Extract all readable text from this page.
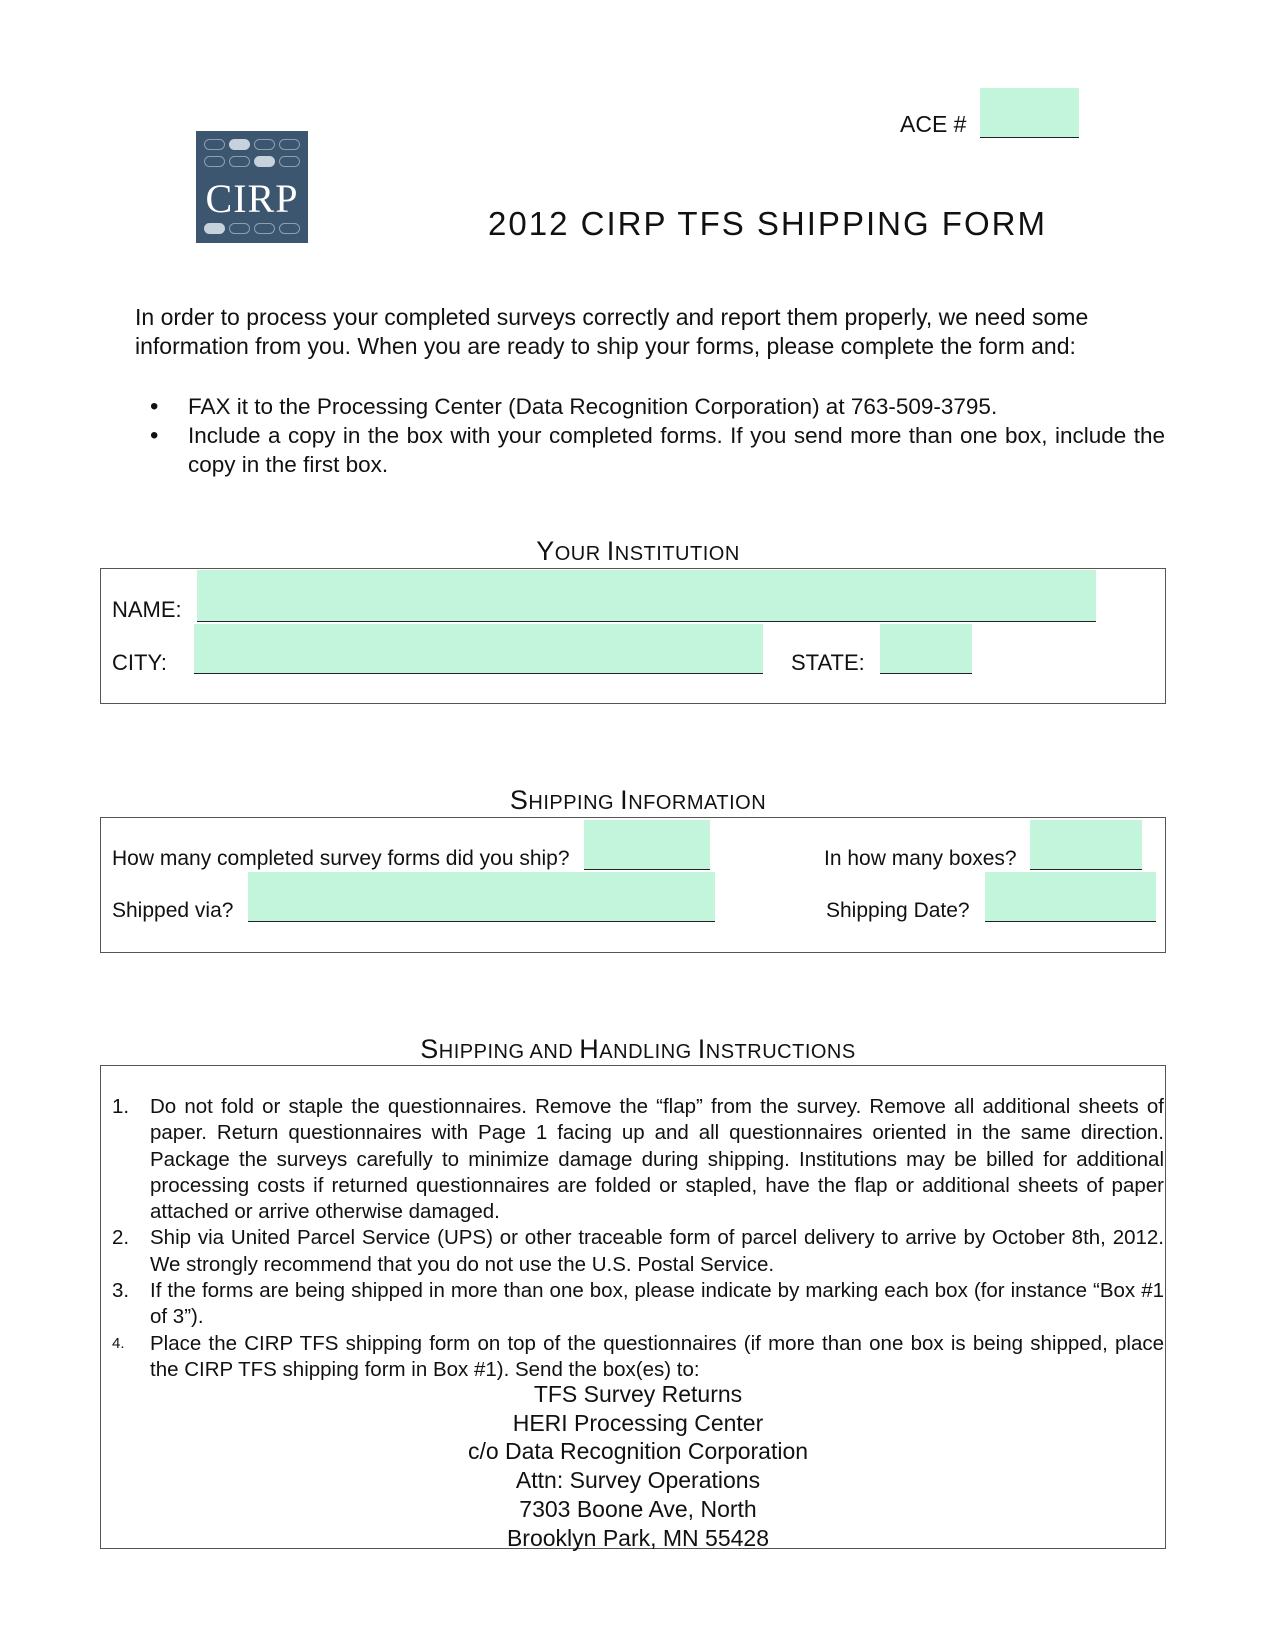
CIRP
ACE #
2012 CIRP TFS SHIPPING FORM
In order to process your completed surveys correctly and report them properly, we need some information from you. When you are ready to ship your forms, please complete the form and:
• FAX it to the Processing Center (Data Recognition Corporation) at 763-509-3795.
• Include a copy in the box with your completed forms. If you send more than one box, include the copy in the first box.
YOUR INSTITUTION
NAME:
CITY:	STATE:
SHIPPING INFORMATION
How many completed survey forms did you ship?	In how many boxes?
Shipped via?	Shipping Date?
SHIPPING AND HANDLING INSTRUCTIONS
1. Do not fold or staple the questionnaires. Remove the “flap” from the survey. Remove all additional sheets of paper. Return questionnaires with Page 1 facing up and all questionnaires oriented in the same direction. Package the surveys carefully to minimize damage during shipping. Institutions may be billed for additional processing costs if returned questionnaires are folded or stapled, have the flap or additional sheets of paper attached or arrive otherwise damaged.
2. Ship via United Parcel Service (UPS) or other traceable form of parcel delivery to arrive by October 8th, 2012. We strongly recommend that you do not use the U.S. Postal Service.
3. If the forms are being shipped in more than one box, please indicate by marking each box (for instance “Box #1 of 3”).
4. Place the CIRP TFS shipping form on top of the questionnaires (if more than one box is being shipped, place the CIRP TFS shipping form in Box #1). Send the box(es) to:
TFS Survey Returns
HERI Processing Center
c/o Data Recognition Corporation
Attn: Survey Operations
7303 Boone Ave, North
Brooklyn Park, MN 55428
